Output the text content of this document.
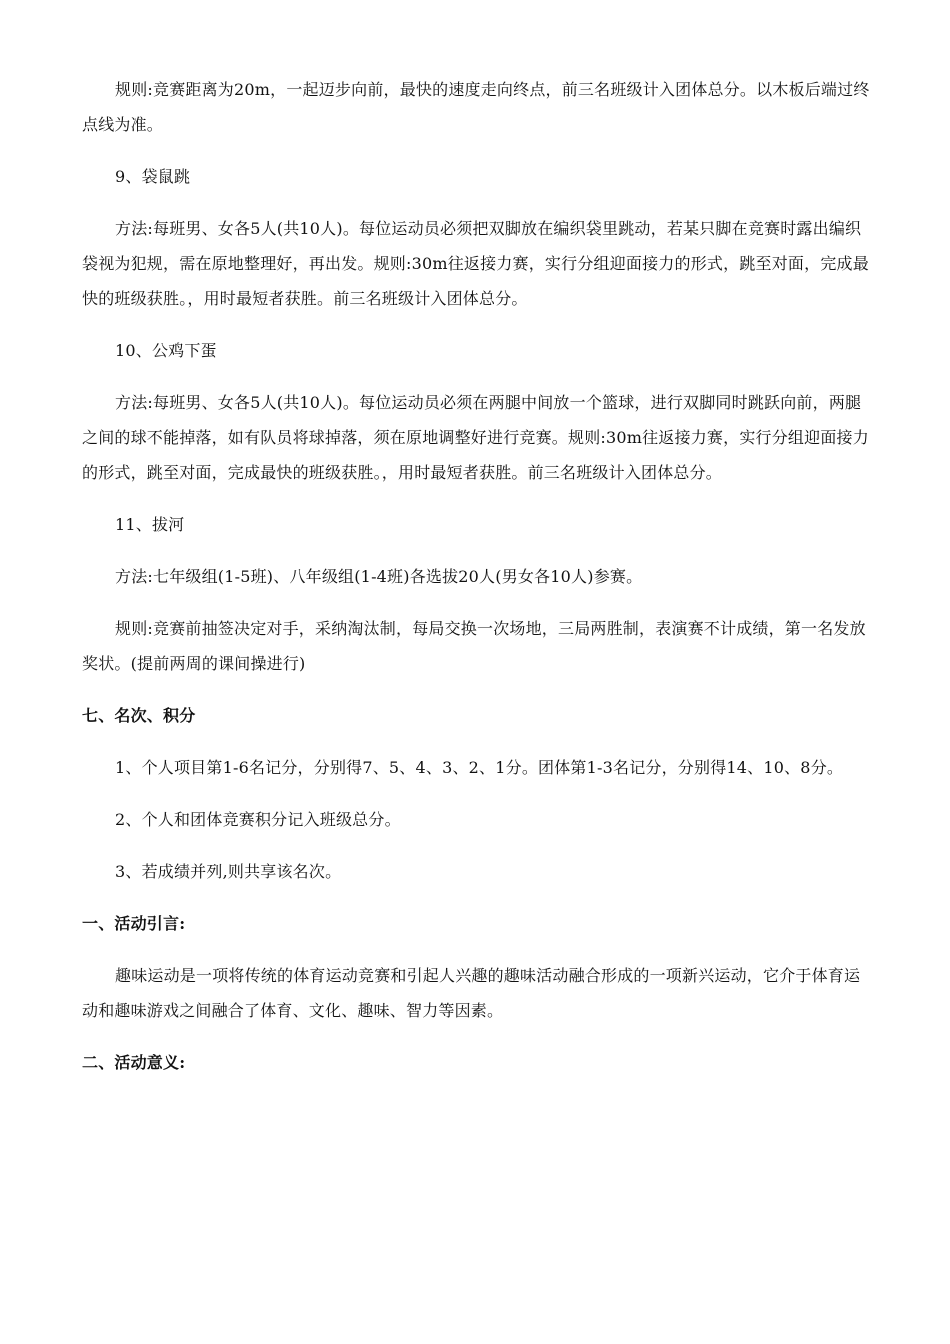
规则:竞赛距离为20m，一起迈步向前，最快的速度走向终点，前三名班级计入团体总分。以木板后端过终点线为准。

9、袋鼠跳

方法:每班男、女各5人(共10人)。每位运动员必须把双脚放在编织袋里跳动，若某只脚在竞赛时露出编织袋视为犯规，需在原地整理好，再出发。规则:30m往返接力赛，实行分组迎面接力的形式，跳至对面，完成最快的班级获胜。，用时最短者获胜。前三名班级计入团体总分。

10、公鸡下蛋

方法:每班男、女各5人(共10人)。每位运动员必须在两腿中间放一个篮球，进行双脚同时跳跃向前，两腿之间的球不能掉落，如有队员将球掉落，须在原地调整好进行竞赛。规则:30m往返接力赛，实行分组迎面接力的形式，跳至对面，完成最快的班级获胜。，用时最短者获胜。前三名班级计入团体总分。

11、拔河

方法:七年级组(1-5班)、八年级组(1-4班)各选拔20人(男女各10人)参赛。

规则:竞赛前抽签决定对手，采纳淘汰制，每局交换一次场地，三局两胜制，表演赛不计成绩，第一名发放奖状。(提前两周的课间操进行)

七、名次、积分

1、个人项目第1-6名记分，分别得7、5、4、3、2、1分。团体第1-3名记分，分别得14、10、8分。

2、个人和团体竞赛积分记入班级总分。

3、若成绩并列,则共享该名次。

一、活动引言:

趣味运动是一项将传统的体育运动竞赛和引起人兴趣的趣味活动融合形成的一项新兴运动，它介于体育运动和趣味游戏之间融合了体育、文化、趣味、智力等因素。

二、活动意义:
